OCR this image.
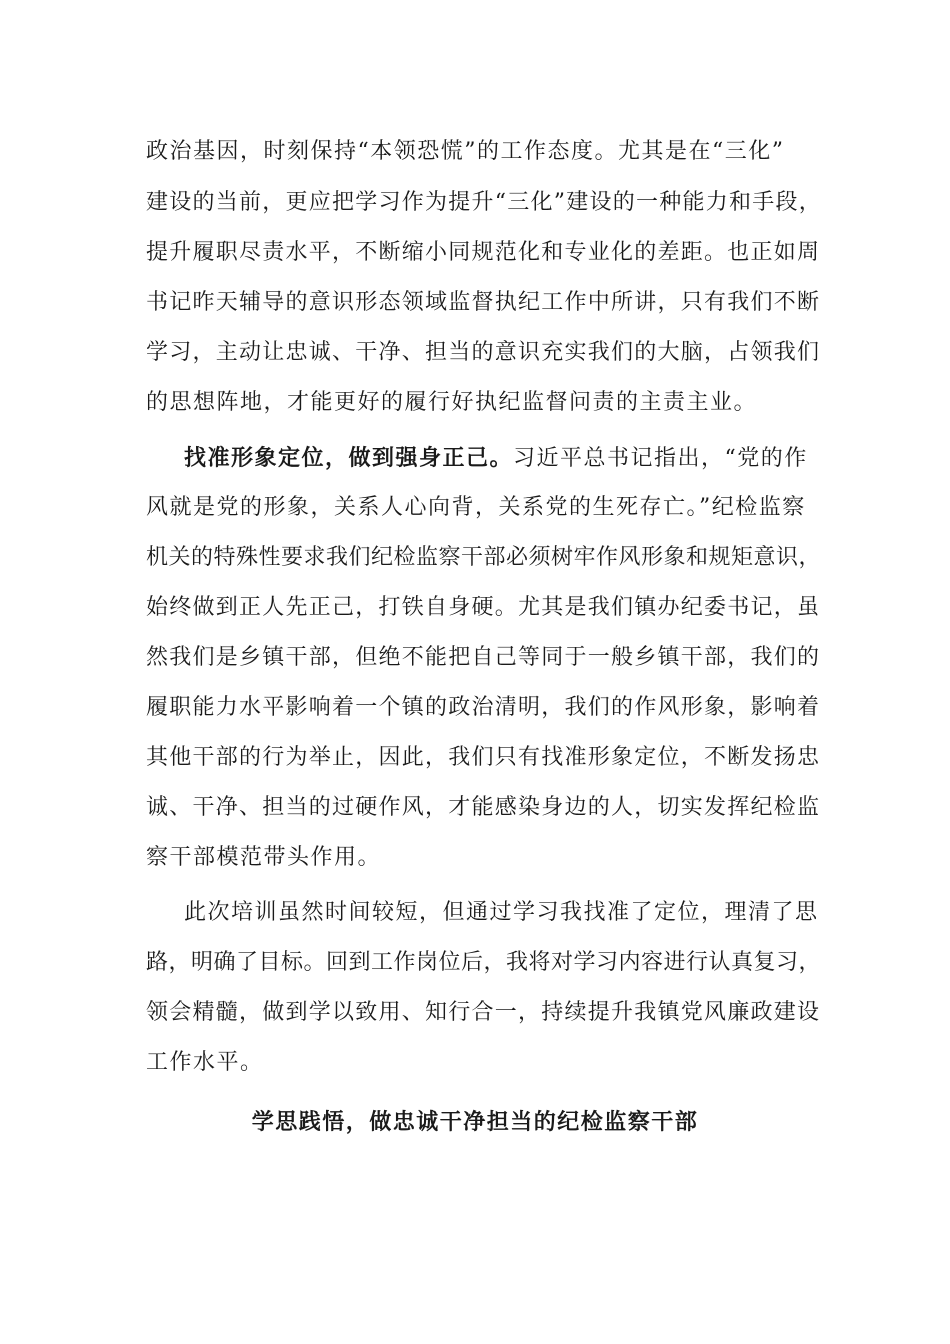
政治基因，时刻保持“本领恐慌”的工作态度。尤其是在“三化”
建设的当前，更应把学习作为提升“三化”建设的一种能力和手段，
提升履职尽责水平，不断缩小同规范化和专业化的差距。也正如周
书记昨天辅导的意识形态领域监督执纪工作中所讲，只有我们不断
学习，主动让忠诚、干净、担当的意识充实我们的大脑，占领我们
的思想阵地，才能更好的履行好执纪监督问责的主责主业。
找准形象定位，做到强身正己。习近平总书记指出，“党的作
风就是党的形象，关系人心向背，关系党的生死存亡。”纪检监察
机关的特殊性要求我们纪检监察干部必须树牢作风形象和规矩意识，
始终做到正人先正己，打铁自身硬。尤其是我们镇办纪委书记，虽
然我们是乡镇干部，但绝不能把自己等同于一般乡镇干部，我们的
履职能力水平影响着一个镇的政治清明，我们的作风形象，影响着
其他干部的行为举止，因此，我们只有找准形象定位，不断发扬忠
诚、干净、担当的过硬作风，才能感染身边的人，切实发挥纪检监
察干部模范带头作用。
此次培训虽然时间较短，但通过学习我找准了定位，理清了思
路，明确了目标。回到工作岗位后，我将对学习内容进行认真复习，
领会精髓，做到学以致用、知行合一，持续提升我镇党风廉政建设
工作水平。
学思践悟，做忠诚干净担当的纪检监察干部
